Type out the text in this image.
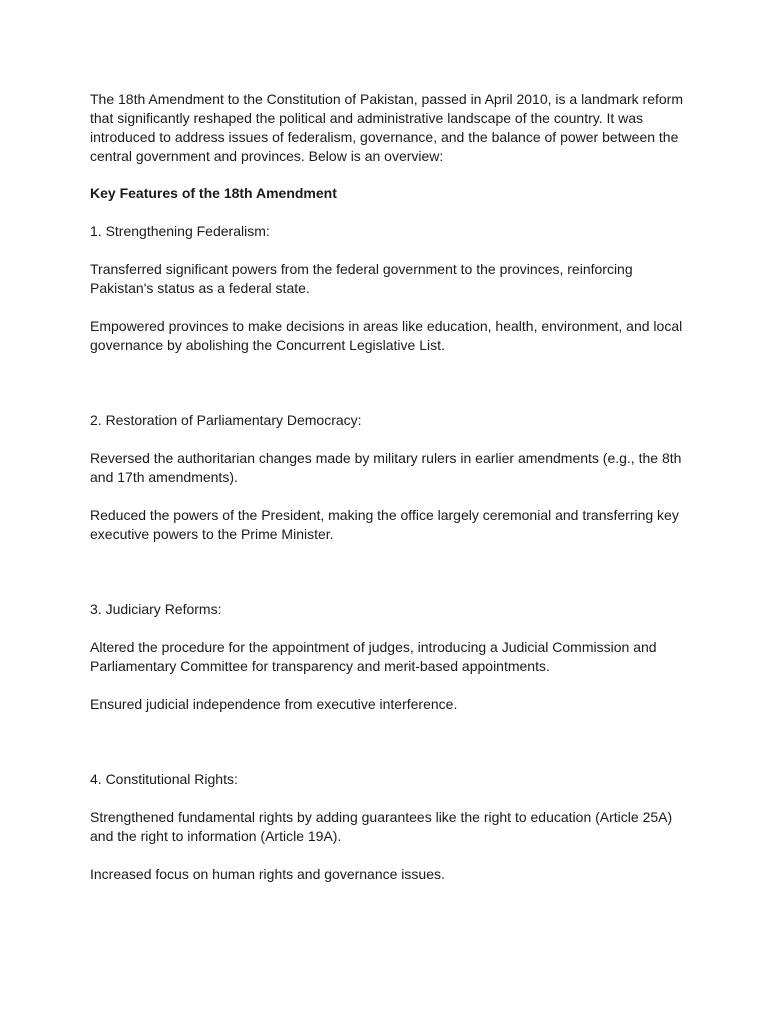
The 18th Amendment to the Constitution of Pakistan, passed in April 2010, is a landmark reform that significantly reshaped the political and administrative landscape of the country. It was introduced to address issues of federalism, governance, and the balance of power between the central government and provinces. Below is an overview:

Key Features of the 18th Amendment

1. Strengthening Federalism:

Transferred significant powers from the federal government to the provinces, reinforcing Pakistan's status as a federal state.

Empowered provinces to make decisions in areas like education, health, environment, and local governance by abolishing the Concurrent Legislative List.

2. Restoration of Parliamentary Democracy:

Reversed the authoritarian changes made by military rulers in earlier amendments (e.g., the 8th and 17th amendments).

Reduced the powers of the President, making the office largely ceremonial and transferring key executive powers to the Prime Minister.

3. Judiciary Reforms:

Altered the procedure for the appointment of judges, introducing a Judicial Commission and Parliamentary Committee for transparency and merit-based appointments.

Ensured judicial independence from executive interference.

4. Constitutional Rights:

Strengthened fundamental rights by adding guarantees like the right to education (Article 25A) and the right to information (Article 19A).

Increased focus on human rights and governance issues.
